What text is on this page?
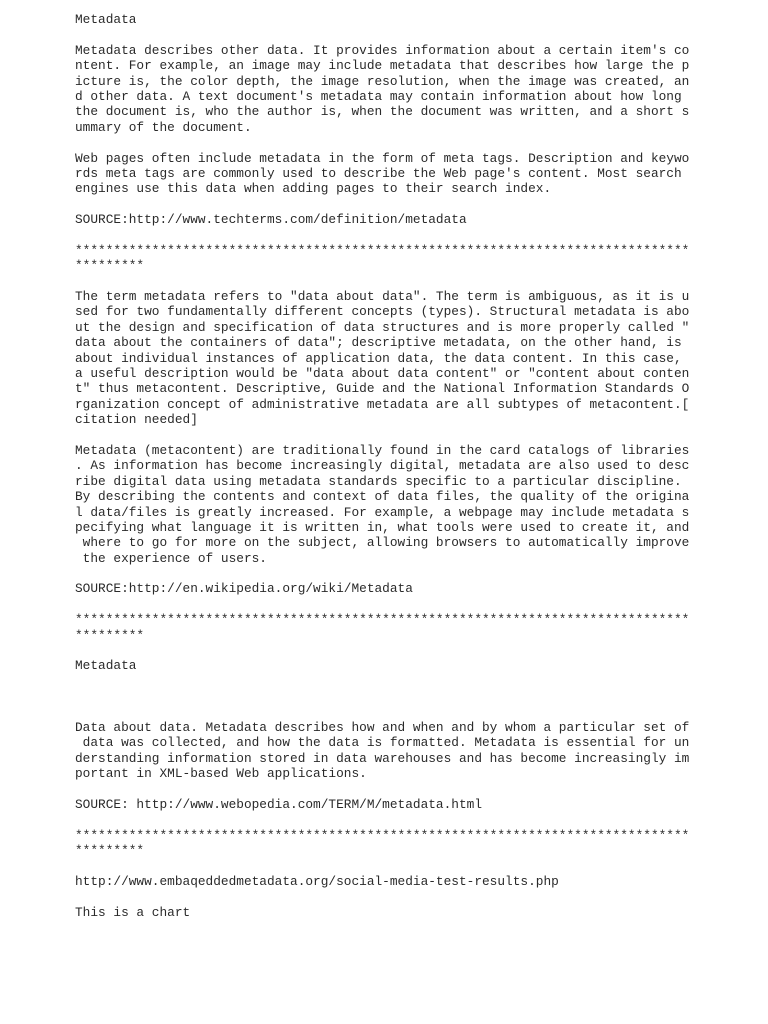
Metadata
Metadata describes other data. It provides information about a certain item's co
ntent. For example, an image may include metadata that describes how large the p
icture is, the color depth, the image resolution, when the image was created, an
d other data. A text document's metadata may contain information about how long
the document is, who the author is, when the document was written, and a short s
ummary of the document.
Web pages often include metadata in the form of meta tags. Description and keywo
rds meta tags are commonly used to describe the Web page's content. Most search
engines use this data when adding pages to their search index.
SOURCE:http://www.techterms.com/definition/metadata
********************************************************************************
*********
The term metadata refers to "data about data". The term is ambiguous, as it is u
sed for two fundamentally different concepts (types). Structural metadata is abo
ut the design and specification of data structures and is more properly called "
data about the containers of data"; descriptive metadata, on the other hand, is
about individual instances of application data, the data content. In this case,
a useful description would be "data about data content" or "content about conten
t" thus metacontent. Descriptive, Guide and the National Information Standards O
rganization concept of administrative metadata are all subtypes of metacontent.[
citation needed]
Metadata (metacontent) are traditionally found in the card catalogs of libraries
. As information has become increasingly digital, metadata are also used to desc
ribe digital data using metadata standards specific to a particular discipline.
By describing the contents and context of data files, the quality of the origina
l data/files is greatly increased. For example, a webpage may include metadata s
pecifying what language it is written in, what tools were used to create it, and
where to go for more on the subject, allowing browsers to automatically improve
the experience of users.
SOURCE:http://en.wikipedia.org/wiki/Metadata
********************************************************************************
*********
Metadata
Data about data. Metadata describes how and when and by whom a particular set of
data was collected, and how the data is formatted. Metadata is essential for un
derstanding information stored in data warehouses and has become increasingly im
portant in XML-based Web applications.
SOURCE: http://www.webopedia.com/TERM/M/metadata.html
********************************************************************************
*********
http://www.embaqeddedmetadata.org/social-media-test-results.php
This is a chart
